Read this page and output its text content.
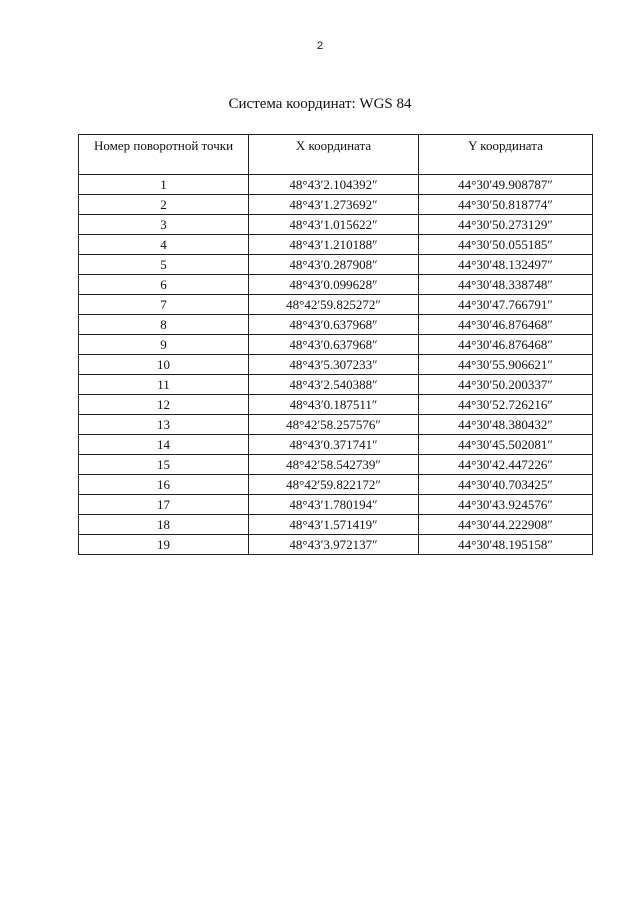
2
Система координат: WGS 84
Номер поворотной точки	X координата	Y координата
1	48°43′2.104392″	44°30′49.908787″
2	48°43′1.273692″	44°30′50.818774″
3	48°43′1.015622″	44°30′50.273129″
4	48°43′1.210188″	44°30′50.055185″
5	48°43′0.287908″	44°30′48.132497″
6	48°43′0.099628″	44°30′48.338748″
7	48°42′59.825272″	44°30′47.766791″
8	48°43′0.637968″	44°30′46.876468″
9	48°43′0.637968″	44°30′46.876468″
10	48°43′5.307233″	44°30′55.906621″
11	48°43′2.540388″	44°30′50.200337″
12	48°43′0.187511″	44°30′52.726216″
13	48°42′58.257576″	44°30′48.380432″
14	48°43′0.371741″	44°30′45.502081″
15	48°42′58.542739″	44°30′42.447226″
16	48°42′59.822172″	44°30′40.703425″
17	48°43′1.780194″	44°30′43.924576″
18	48°43′1.571419″	44°30′44.222908″
19	48°43′3.972137″	44°30′48.195158″
